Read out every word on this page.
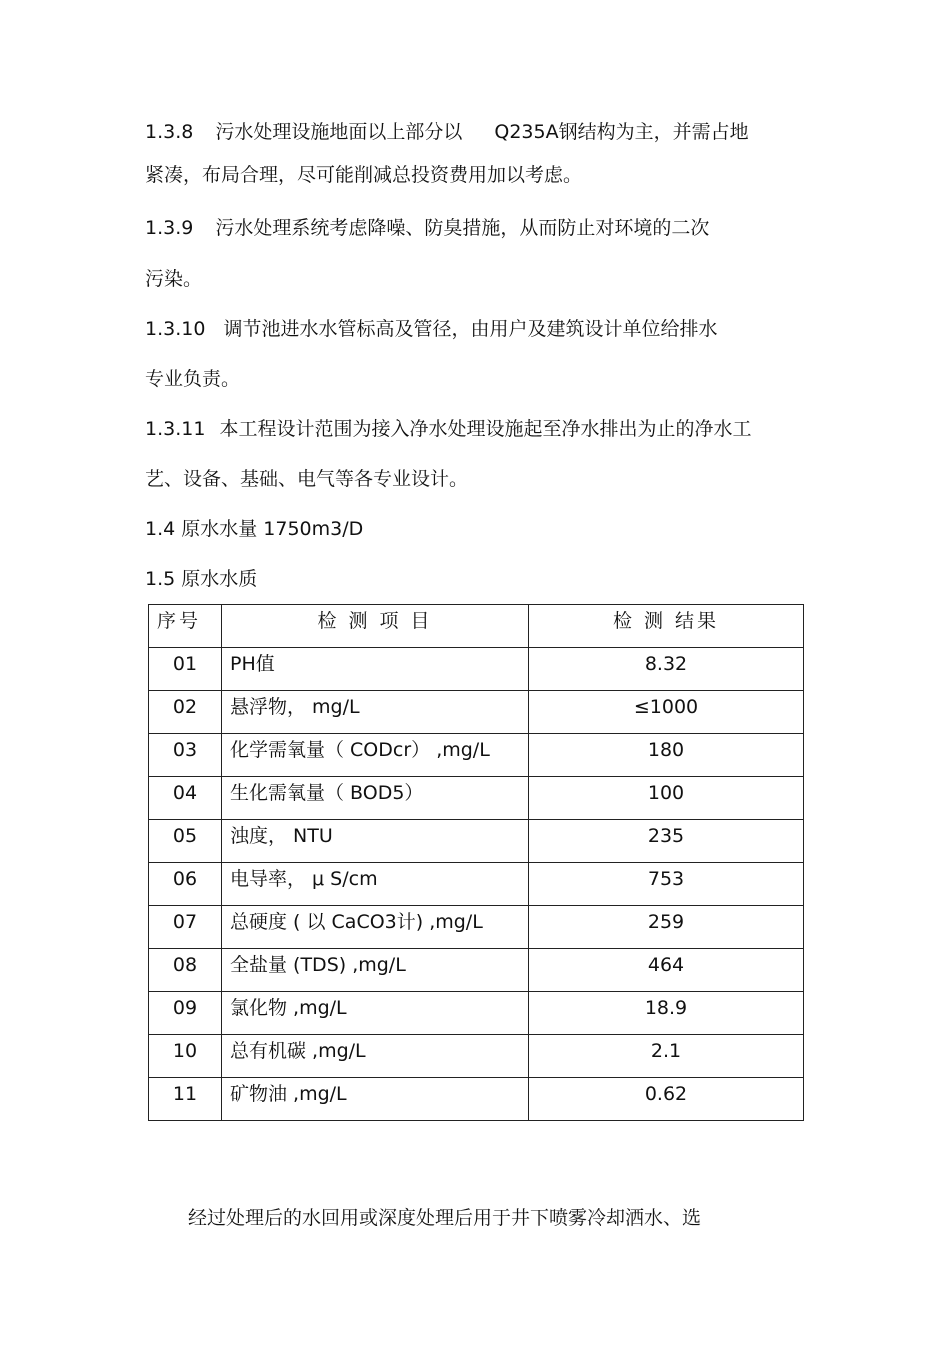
1.3.8 污水处理设施地面以上部分以 Q235A钢结构为主，并需占地

紧凑，布局合理，尽可能削减总投资费用加以考虑。

1.3.9 污水处理系统考虑降噪、防臭措施，从而防止对环境的二次

污染。

1.3.10 调节池进水水管标高及管径，由用户及建筑设计单位给排水

专业负责。

1.3.11 本工程设计范围为接入净水处理设施起至净水排出为止的净水工

艺、设备、基础、电气等各专业设计。

1.4 原水水量 1750m3/D

1.5 原水水质

序号	检 测 项 目	检 测 结果
01	PH值	8.32
02	悬浮物， mg/L	≤1000
03	化学需氧量（ CODcr） ,mg/L	180
04	生化需氧量（ BOD5）	100
05	浊度， NTU	235
06	电导率， μ S/cm	753
07	总硬度 ( 以 CaCO3计) ,mg/L	259
08	全盐量 (TDS) ,mg/L	464
09	氯化物 ,mg/L	18.9
10	总有机碳 ,mg/L	2.1
11	矿物油 ,mg/L	0.62

经过处理后的水回用或深度处理后用于井下喷雾冷却洒水、选
